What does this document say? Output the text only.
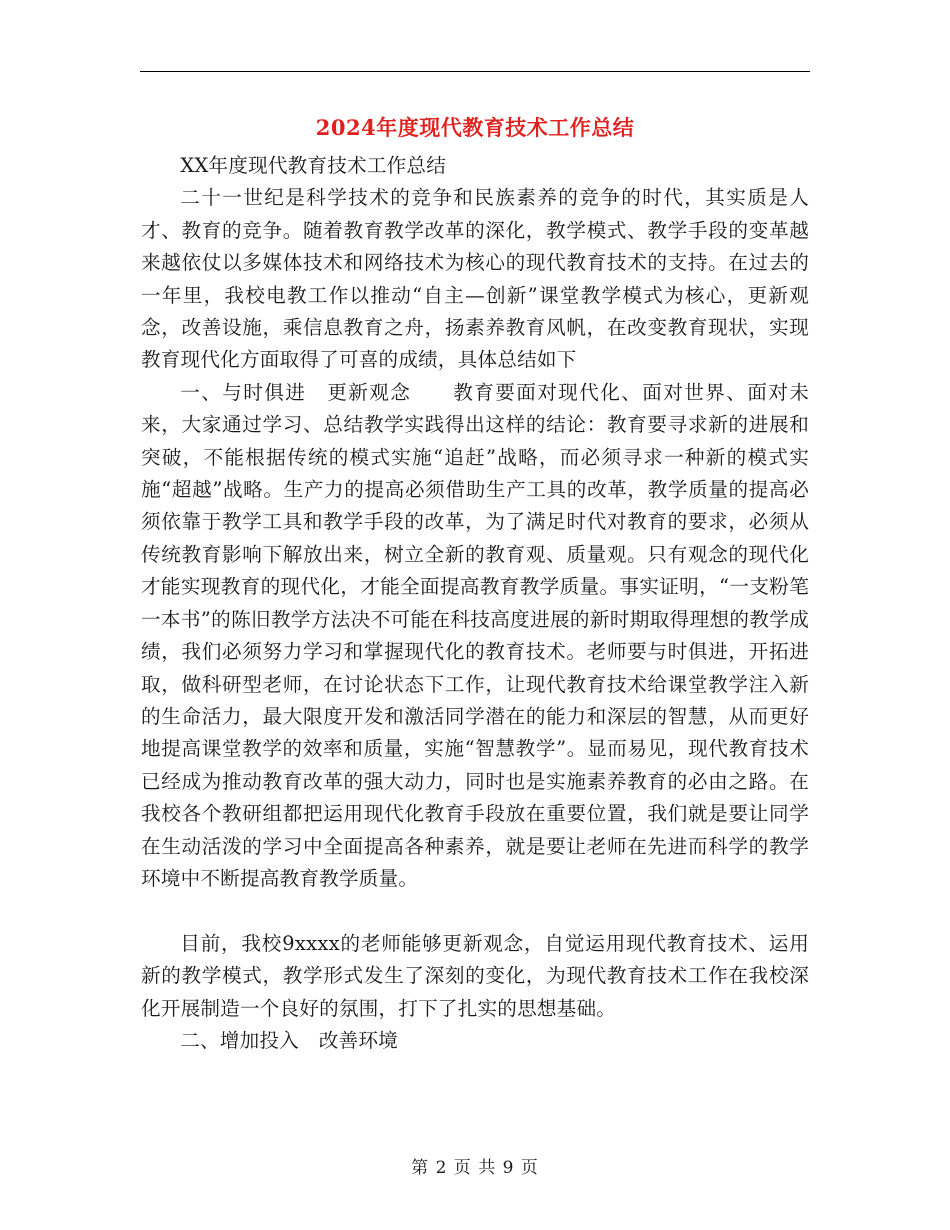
2024年度现代教育技术工作总结

XX年度现代教育技术工作总结

二十一世纪是科学技术的竞争和民族素养的竞争的时代，其实质是人才、教育的竞争。随着教育教学改革的深化，教学模式、教学手段的变革越来越依仗以多媒体技术和网络技术为核心的现代教育技术的支持。在过去的一年里，我校电教工作以推动“自主—创新”课堂教学模式为核心，更新观念，改善设施，乘信息教育之舟，扬素养教育风帆，在改变教育现状，实现教育现代化方面取得了可喜的成绩，具体总结如下

一、与时俱进　更新观念　　教育要面对现代化、面对世界、面对未来，大家通过学习、总结教学实践得出这样的结论：教育要寻求新的进展和突破，不能根据传统的模式实施“追赶”战略，而必须寻求一种新的模式实施“超越”战略。生产力的提高必须借助生产工具的改革，教学质量的提高必须依靠于教学工具和教学手段的改革，为了满足时代对教育的要求，必须从传统教育影响下解放出来，树立全新的教育观、质量观。只有观念的现代化才能实现教育的现代化，才能全面提高教育教学质量。事实证明，“一支粉笔一本书”的陈旧教学方法决不可能在科技高度进展的新时期取得理想的教学成绩，我们必须努力学习和掌握现代化的教育技术。老师要与时俱进，开拓进取，做科研型老师，在讨论状态下工作，让现代教育技术给课堂教学注入新的生命活力，最大限度开发和激活同学潜在的能力和深层的智慧，从而更好地提高课堂教学的效率和质量，实施“智慧教学”。显而易见，现代教育技术已经成为推动教育改革的强大动力，同时也是实施素养教育的必由之路。在我校各个教研组都把运用现代化教育手段放在重要位置，我们就是要让同学在生动活泼的学习中全面提高各种素养，就是要让老师在先进而科学的教学环境中不断提高教育教学质量。

目前，我校9xxxx的老师能够更新观念，自觉运用现代教育技术、运用新的教学模式，教学形式发生了深刻的变化，为现代教育技术工作在我校深化开展制造一个良好的氛围，打下了扎实的思想基础。

二、增加投入　改善环境

第 2 页 共 9 页
